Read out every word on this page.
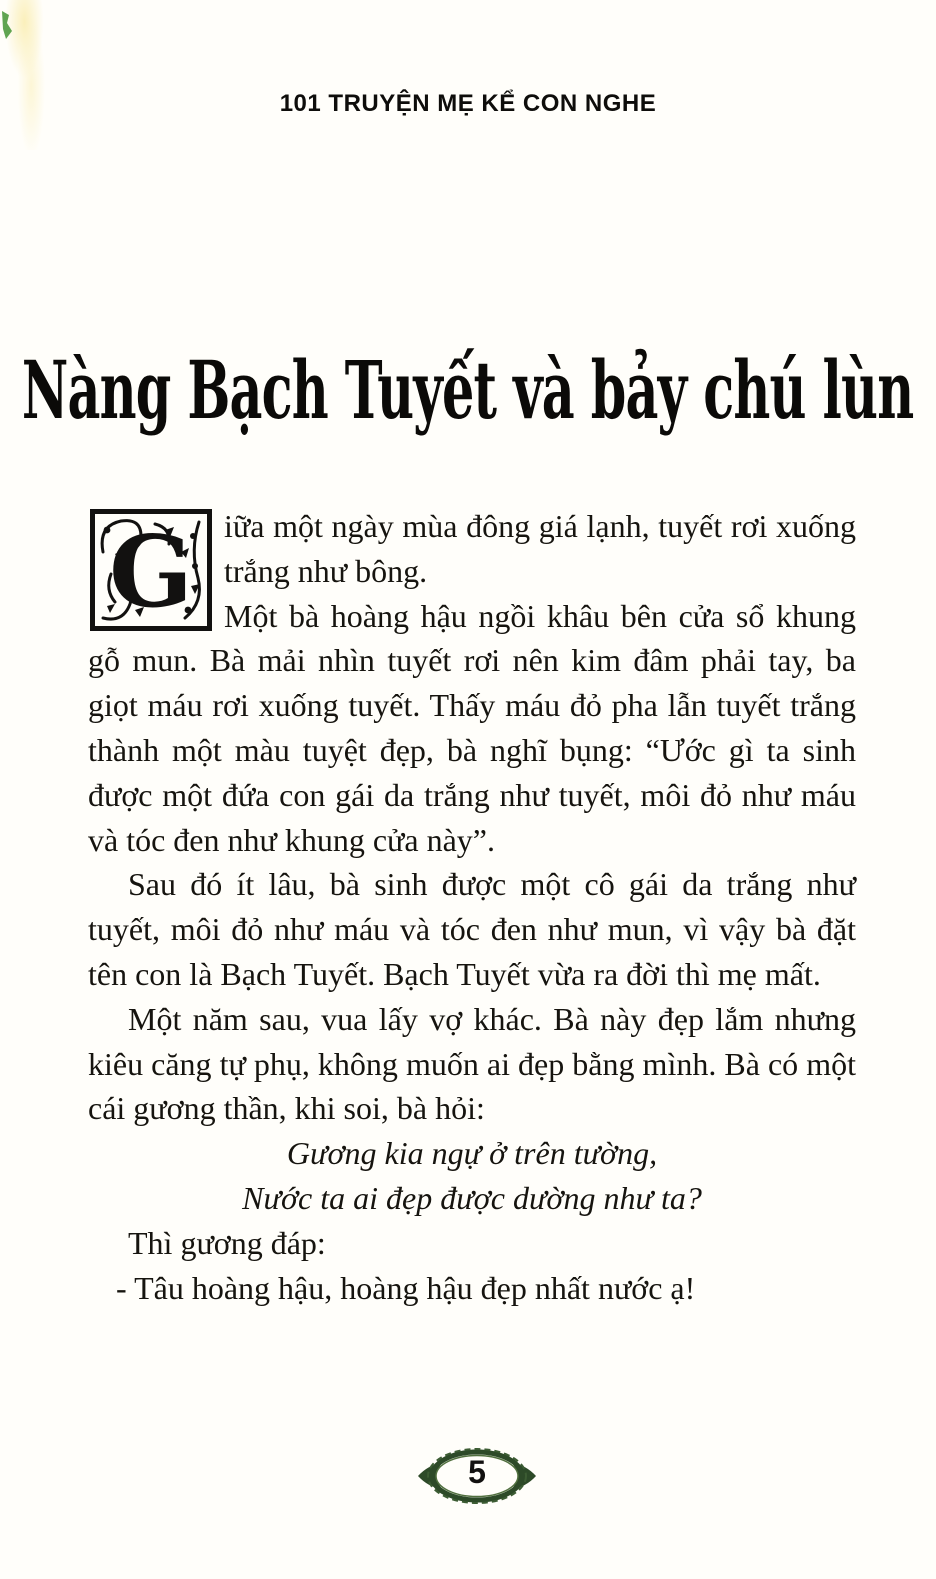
101 TRUYỆN MẸ KỂ CON NGHE
Nàng Bạch Tuyết và bảy chú lùn
G iữa một ngày mùa đông giá lạnh, tuyết rơi xuống trắng như bông.

Một bà hoàng hậu ngồi khâu bên cửa sổ khung gỗ mun. Bà mải nhìn tuyết rơi nên kim đâm phải tay, ba giọt máu rơi xuống tuyết. Thấy máu đỏ pha lẫn tuyết trắng thành một màu tuyệt đẹp, bà nghĩ bụng: “Ước gì ta sinh được một đứa con gái da trắng như tuyết, môi đỏ như máu và tóc đen như khung cửa này”.

Sau đó ít lâu, bà sinh được một cô gái da trắng như tuyết, môi đỏ như máu và tóc đen như mun, vì vậy bà đặt tên con là Bạch Tuyết. Bạch Tuyết vừa ra đời thì mẹ mất.

Một năm sau, vua lấy vợ khác. Bà này đẹp lắm nhưng kiêu căng tự phụ, không muốn ai đẹp bằng mình. Bà có một cái gương thần, khi soi, bà hỏi:

Gương kia ngự ở trên tường,
Nước ta ai đẹp được dường như ta?

Thì gương đáp:

- Tâu hoàng hậu, hoàng hậu đẹp nhất nước ạ!

5
